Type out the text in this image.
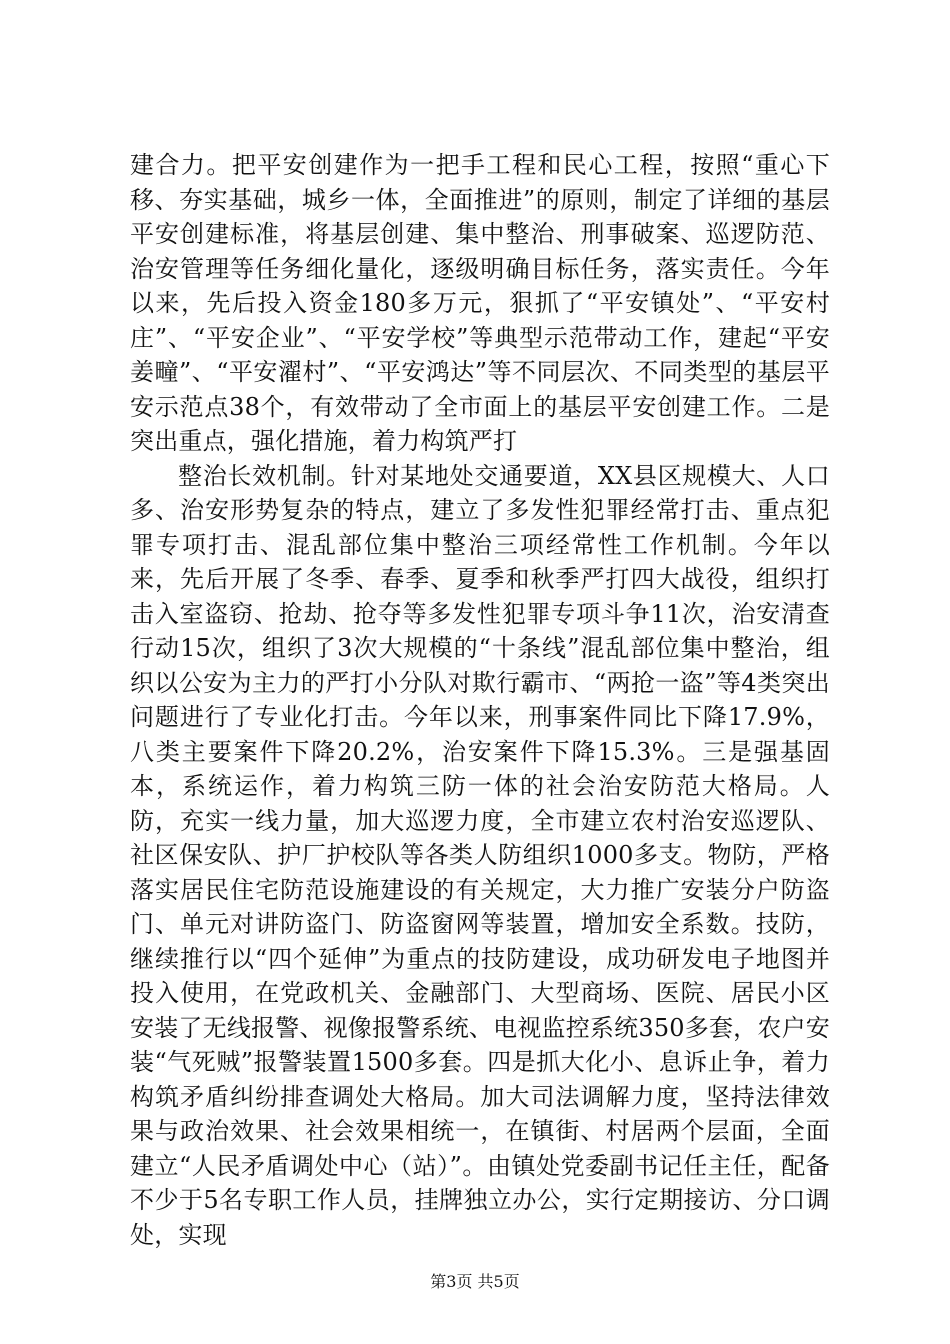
建合力。把平安创建作为一把手工程和民心工程，按照“重心下移、夯实基础，城乡一体，全面推进”的原则，制定了详细的基层平安创建标准，将基层创建、集中整治、刑事破案、巡逻防范、治安管理等任务细化量化，逐级明确目标任务，落实责任。今年以来，先后投入资金180多万元，狠抓了“平安镇处”、“平安村庄”、“平安企业”、“平安学校”等典型示范带动工作，建起“平安姜疃”、“平安濯村”、“平安鸿达”等不同层次、不同类型的基层平安示范点38个，有效带动了全市面上的基层平安创建工作。二是突出重点，强化措施，着力构筑严打

整治长效机制。针对某地处交通要道，XX县区规模大、人口多、治安形势复杂的特点，建立了多发性犯罪经常打击、重点犯罪专项打击、混乱部位集中整治三项经常性工作机制。今年以来，先后开展了冬季、春季、夏季和秋季严打四大战役，组织打击入室盗窃、抢劫、抢夺等多发性犯罪专项斗争11次，治安清查行动15次，组织了3次大规模的“十条线”混乱部位集中整治，组织以公安为主力的严打小分队对欺行霸市、“两抢一盗”等4类突出问题进行了专业化打击。今年以来，刑事案件同比下降17.9%，八类主要案件下降20.2%，治安案件下降15.3%。三是强基固本，系统运作，着力构筑三防一体的社会治安防范大格局。人防，充实一线力量，加大巡逻力度，全市建立农村治安巡逻队、社区保安队、护厂护校队等各类人防组织1000多支。物防，严格落实居民住宅防范设施建设的有关规定，大力推广安装分户防盗门、单元对讲防盗门、防盗窗网等装置，增加安全系数。技防，继续推行以“四个延伸”为重点的技防建设，成功研发电子地图并投入使用，在党政机关、金融部门、大型商场、医院、居民小区安装了无线报警、视像报警系统、电视监控系统350多套，农户安装“气死贼”报警装置1500多套。四是抓大化小、息诉止争，着力构筑矛盾纠纷排查调处大格局。加大司法调解力度，坚持法律效果与政治效果、社会效果相统一，在镇街、村居两个层面，全面建立“人民矛盾调处中心（站）”。由镇处党委副书记任主任，配备不少于5名专职工作人员，挂牌独立办公，实行定期接访、分口调处，实现

第3页 共5页
